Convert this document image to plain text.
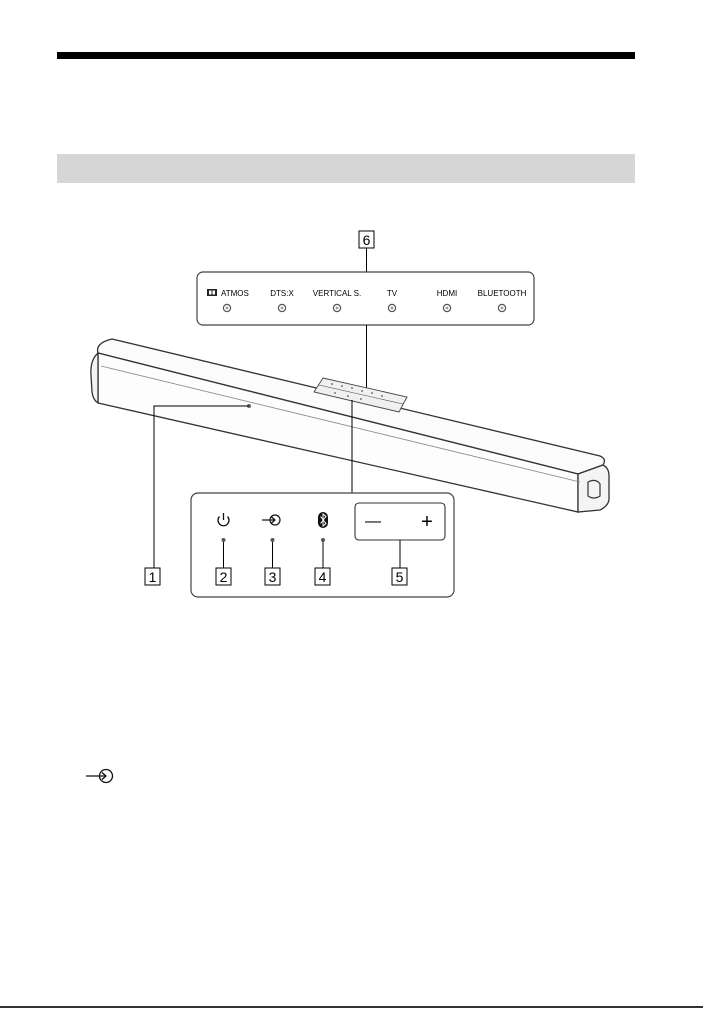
6
ATMOS	DTS:X VERTICAL S.	TV	HDMI	BLUETOOTH
1
— +
2	3	4	5
